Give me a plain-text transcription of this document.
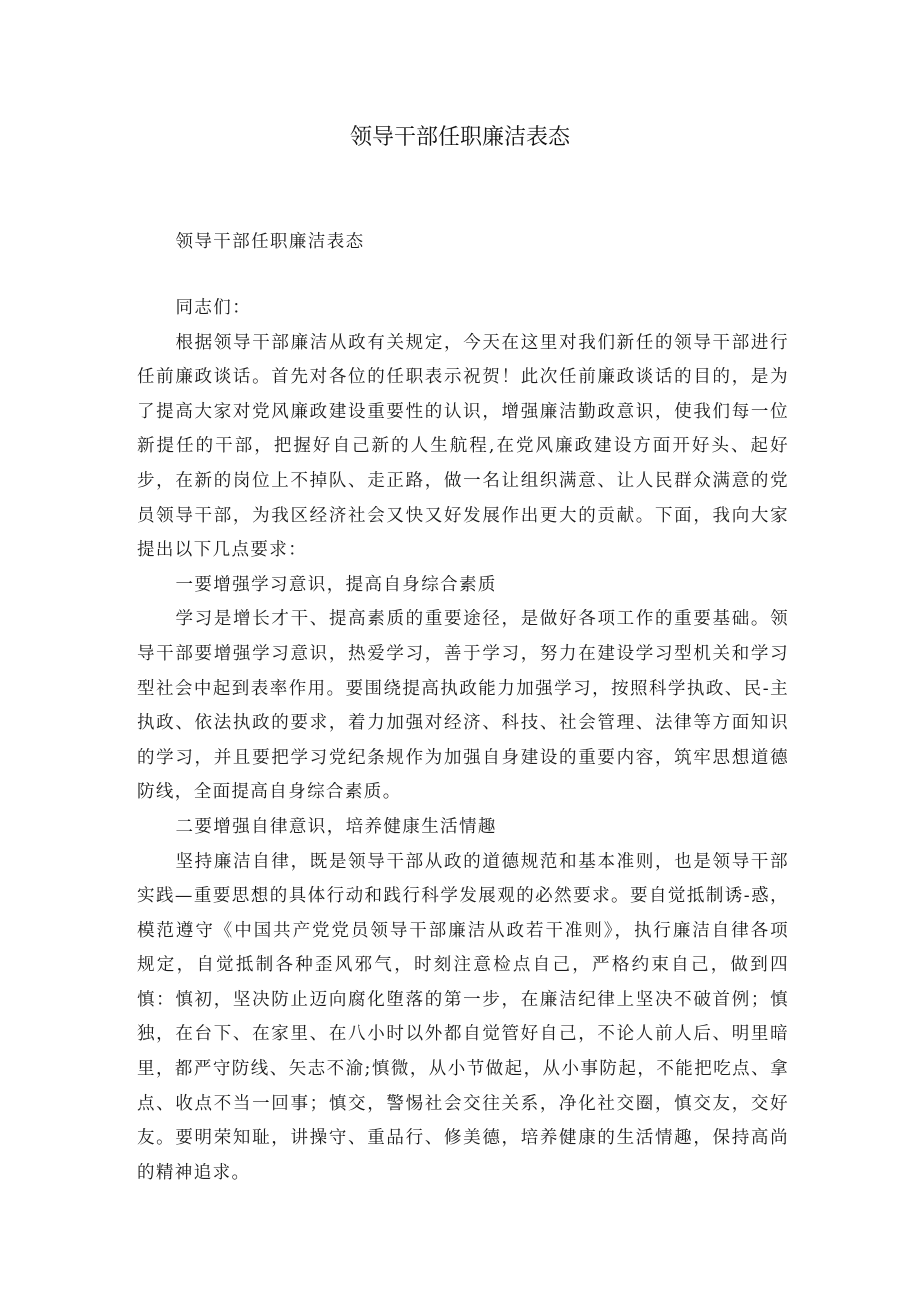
领导干部任职廉洁表态

领导干部任职廉洁表态

同志们：

根据领导干部廉洁从政有关规定，今天在这里对我们新任的领导干部进行任前廉政谈话。首先对各位的任职表示祝贺！此次任前廉政谈话的目的，是为了提高大家对党风廉政建设重要性的认识，增强廉洁勤政意识，使我们每一位新提任的干部，把握好自己新的人生航程,在党风廉政建设方面开好头、起好步，在新的岗位上不掉队、走正路，做一名让组织满意、让人民群众满意的党员领导干部，为我区经济社会又快又好发展作出更大的贡献。下面，我向大家提出以下几点要求：

一要增强学习意识，提高自身综合素质

学习是增长才干、提高素质的重要途径，是做好各项工作的重要基础。领导干部要增强学习意识，热爱学习，善于学习，努力在建设学习型机关和学习型社会中起到表率作用。要围绕提高执政能力加强学习，按照科学执政、民-主执政、依法执政的要求，着力加强对经济、科技、社会管理、法律等方面知识的学习，并且要把学习党纪条规作为加强自身建设的重要内容，筑牢思想道德防线，全面提高自身综合素质。

二要增强自律意识，培养健康生活情趣

坚持廉洁自律，既是领导干部从政的道德规范和基本准则，也是领导干部实践—重要思想的具体行动和践行科学发展观的必然要求。要自觉抵制诱-惑，模范遵守《中国共产党党员领导干部廉洁从政若干准则》，执行廉洁自律各项规定，自觉抵制各种歪风邪气，时刻注意检点自己，严格约束自己，做到四慎：慎初，坚决防止迈向腐化堕落的第一步，在廉洁纪律上坚决不破首例；慎独，在台下、在家里、在八小时以外都自觉管好自己，不论人前人后、明里暗里，都严守防线、矢志不渝;慎微，从小节做起，从小事防起，不能把吃点、拿点、收点不当一回事；慎交，警惕社会交往关系，净化社交圈，慎交友，交好友。要明荣知耻，讲操守、重品行、修美德，培养健康的生活情趣，保持高尚的精神追求。
